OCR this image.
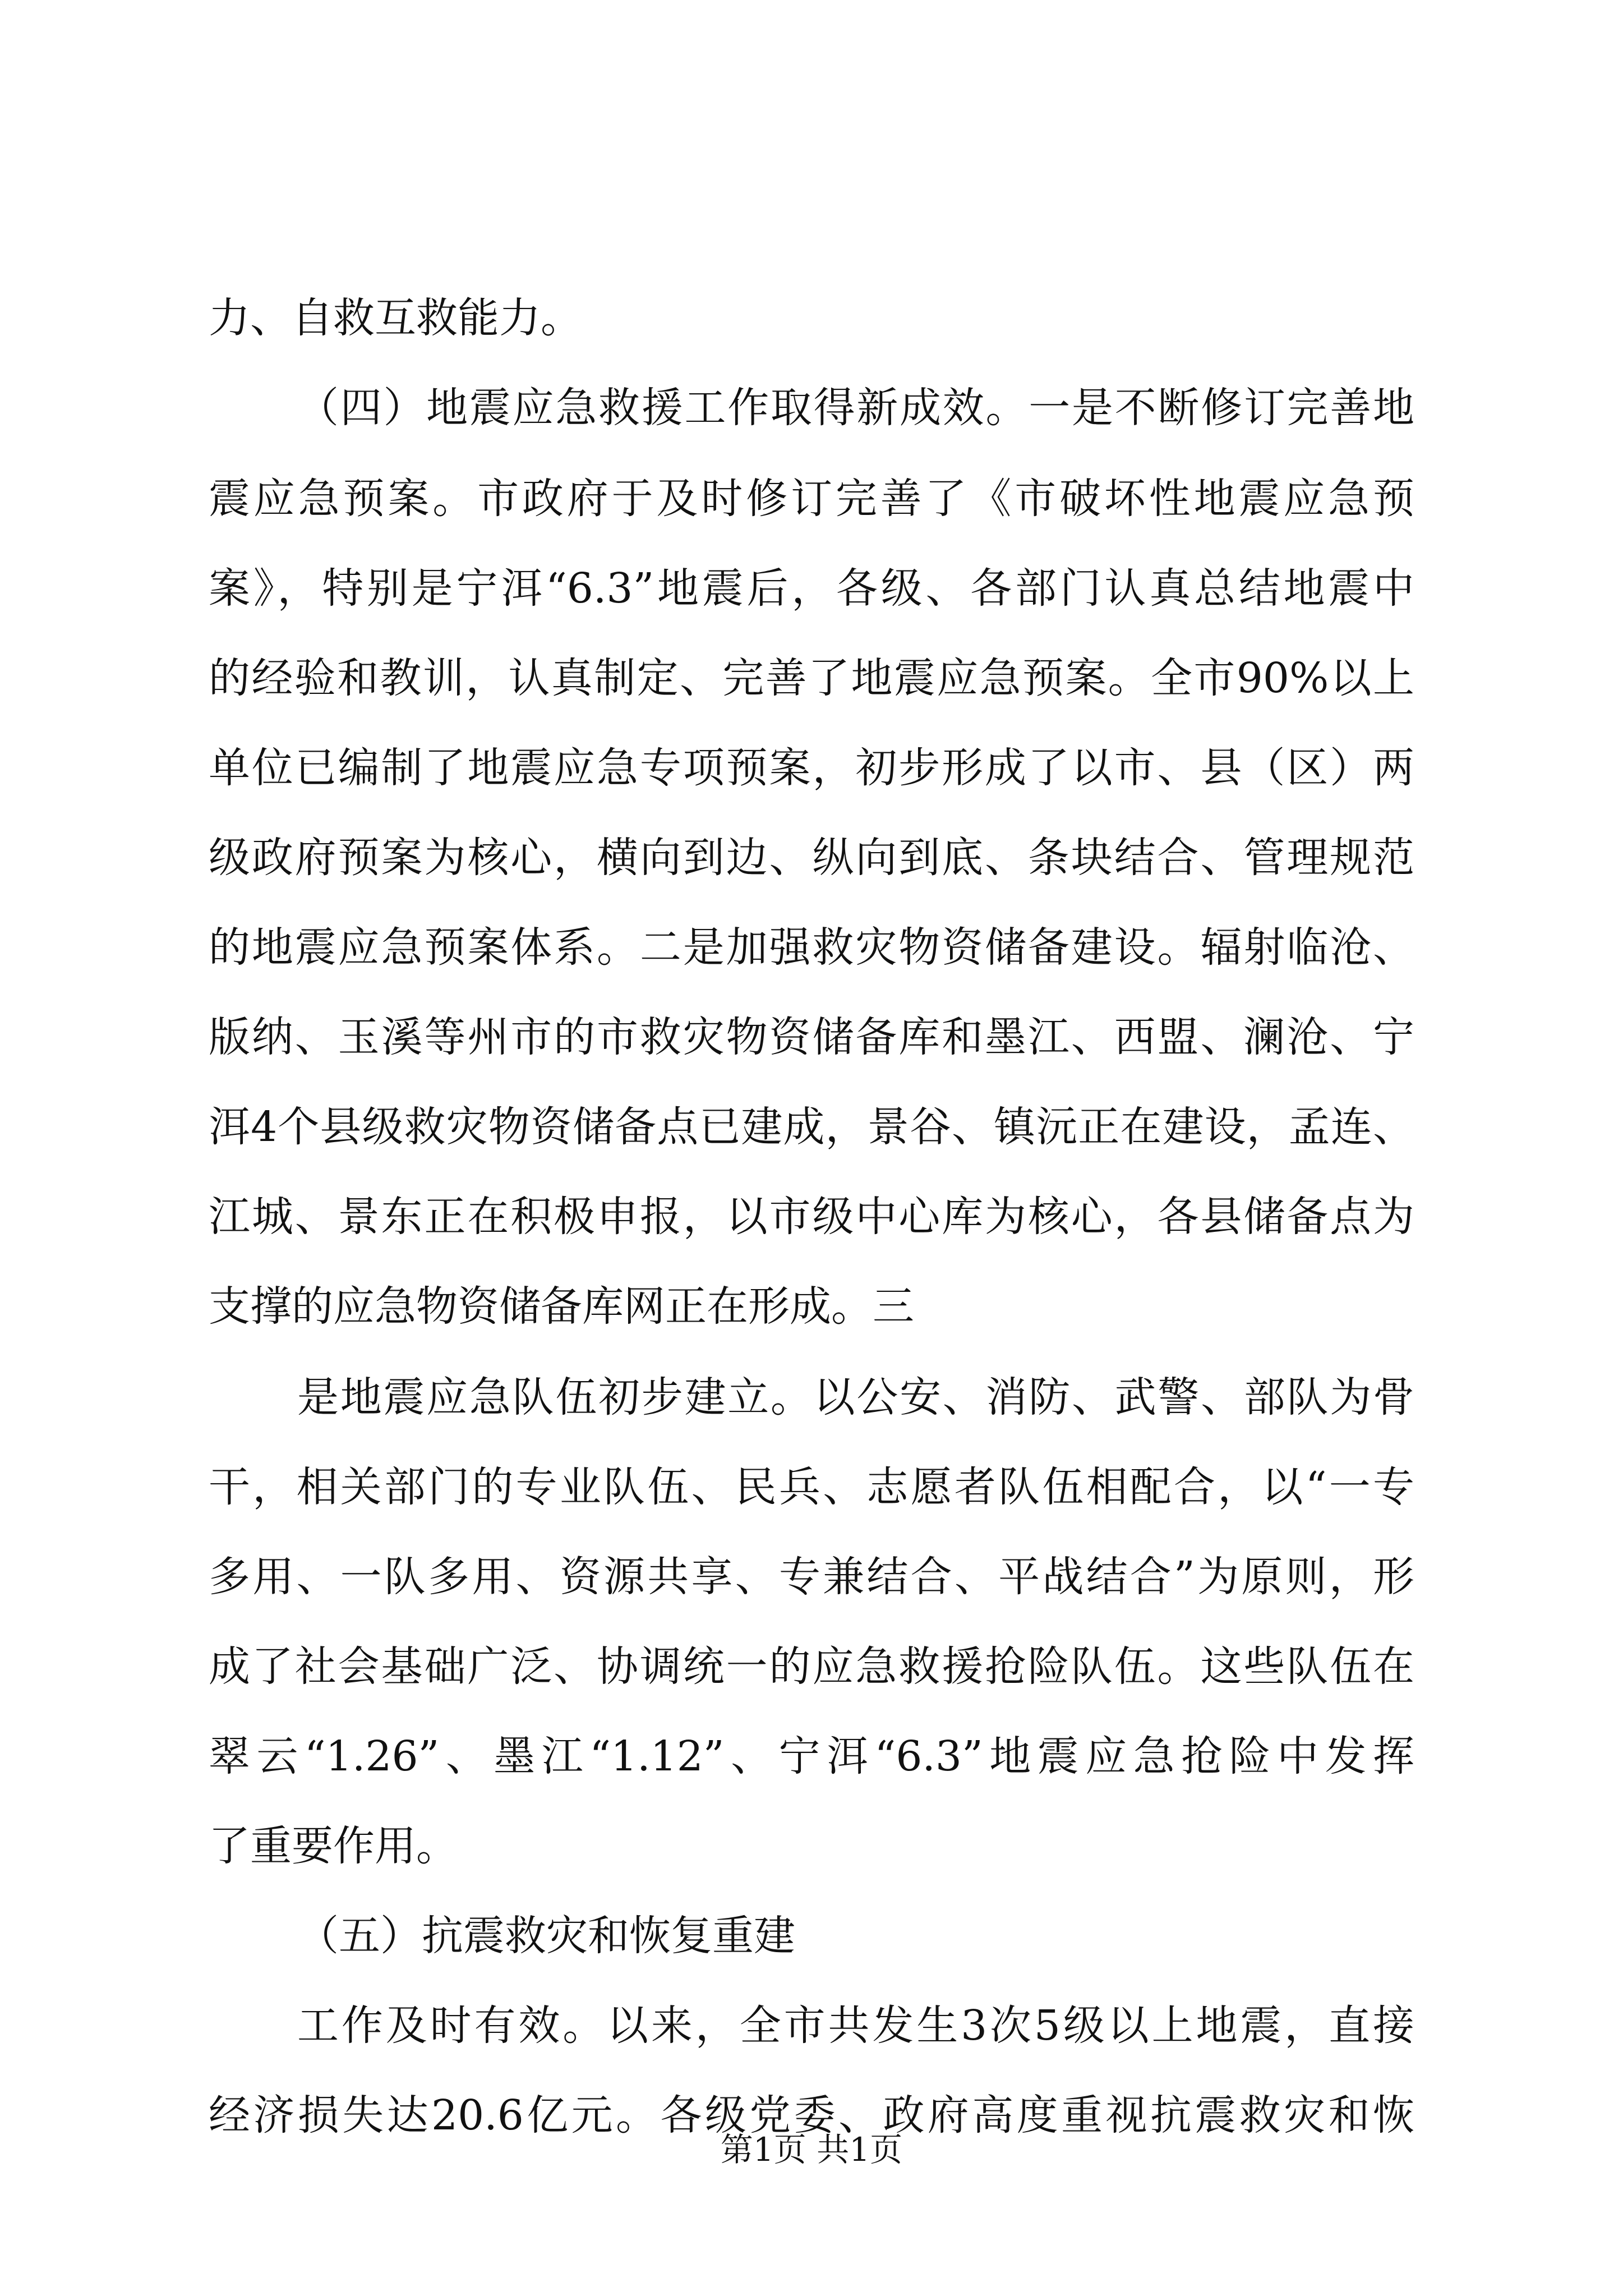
力、自救互救能力。
（四）地震应急救援工作取得新成效。一是不断修订完善地
震应急预案。市政府于及时修订完善了《市破坏性地震应急预
案》，特别是宁洱“6.3”地震后，各级、各部门认真总结地震中
的经验和教训，认真制定、完善了地震应急预案。全市90%以上
单位已编制了地震应急专项预案，初步形成了以市、县（区）两
级政府预案为核心，横向到边、纵向到底、条块结合、管理规范
的地震应急预案体系。二是加强救灾物资储备建设。辐射临沧、
版纳、玉溪等州市的市救灾物资储备库和墨江、西盟、澜沧、宁
洱4个县级救灾物资储备点已建成，景谷、镇沅正在建设，孟连、
江城、景东正在积极申报，以市级中心库为核心，各县储备点为
支撑的应急物资储备库网正在形成。三
是地震应急队伍初步建立。以公安、消防、武警、部队为骨
干，相关部门的专业队伍、民兵、志愿者队伍相配合，以“一专
多用、一队多用、资源共享、专兼结合、平战结合”为原则，形
成了社会基础广泛、协调统一的应急救援抢险队伍。这些队伍在
翠云“1.26”、墨江“1.12”、宁洱“6.3”地震应急抢险中发挥
了重要作用。
（五）抗震救灾和恢复重建
工作及时有效。以来，全市共发生3次5级以上地震，直接
经济损失达20.6亿元。各级党委、政府高度重视抗震救灾和恢
第1页 共1页
